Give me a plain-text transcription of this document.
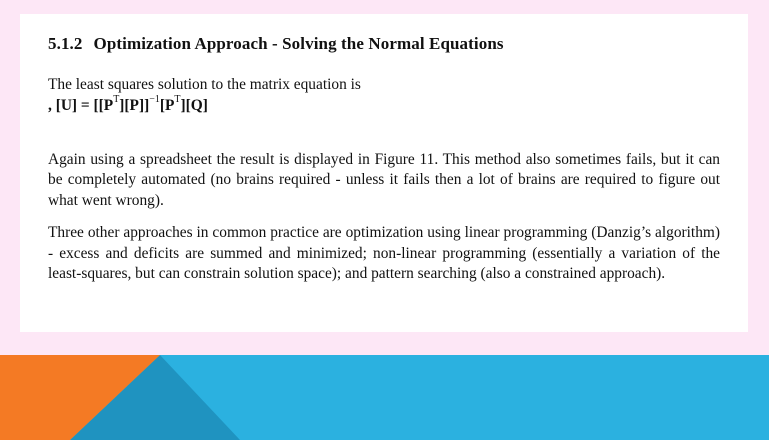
5.1.2 Optimization Approach - Solving the Normal Equations

The least squares solution to the matrix equation is

, $[U] = [[P^T][P]]^{-1}[P^T][Q]$

Again using a spreadsheet the result is displayed in Figure 11. This method also sometimes fails, but it can be completely automated (no brains required - unless it fails then a lot of brains are required to figure out what went wrong).

Three other approaches in common practice are optimization using linear programming (Danzig’s algorithm) - excess and deficits are summed and minimized; non-linear programming (essentially a variation of the least-squares, but can constrain solution space); and pattern searching (also a constrained approach).
